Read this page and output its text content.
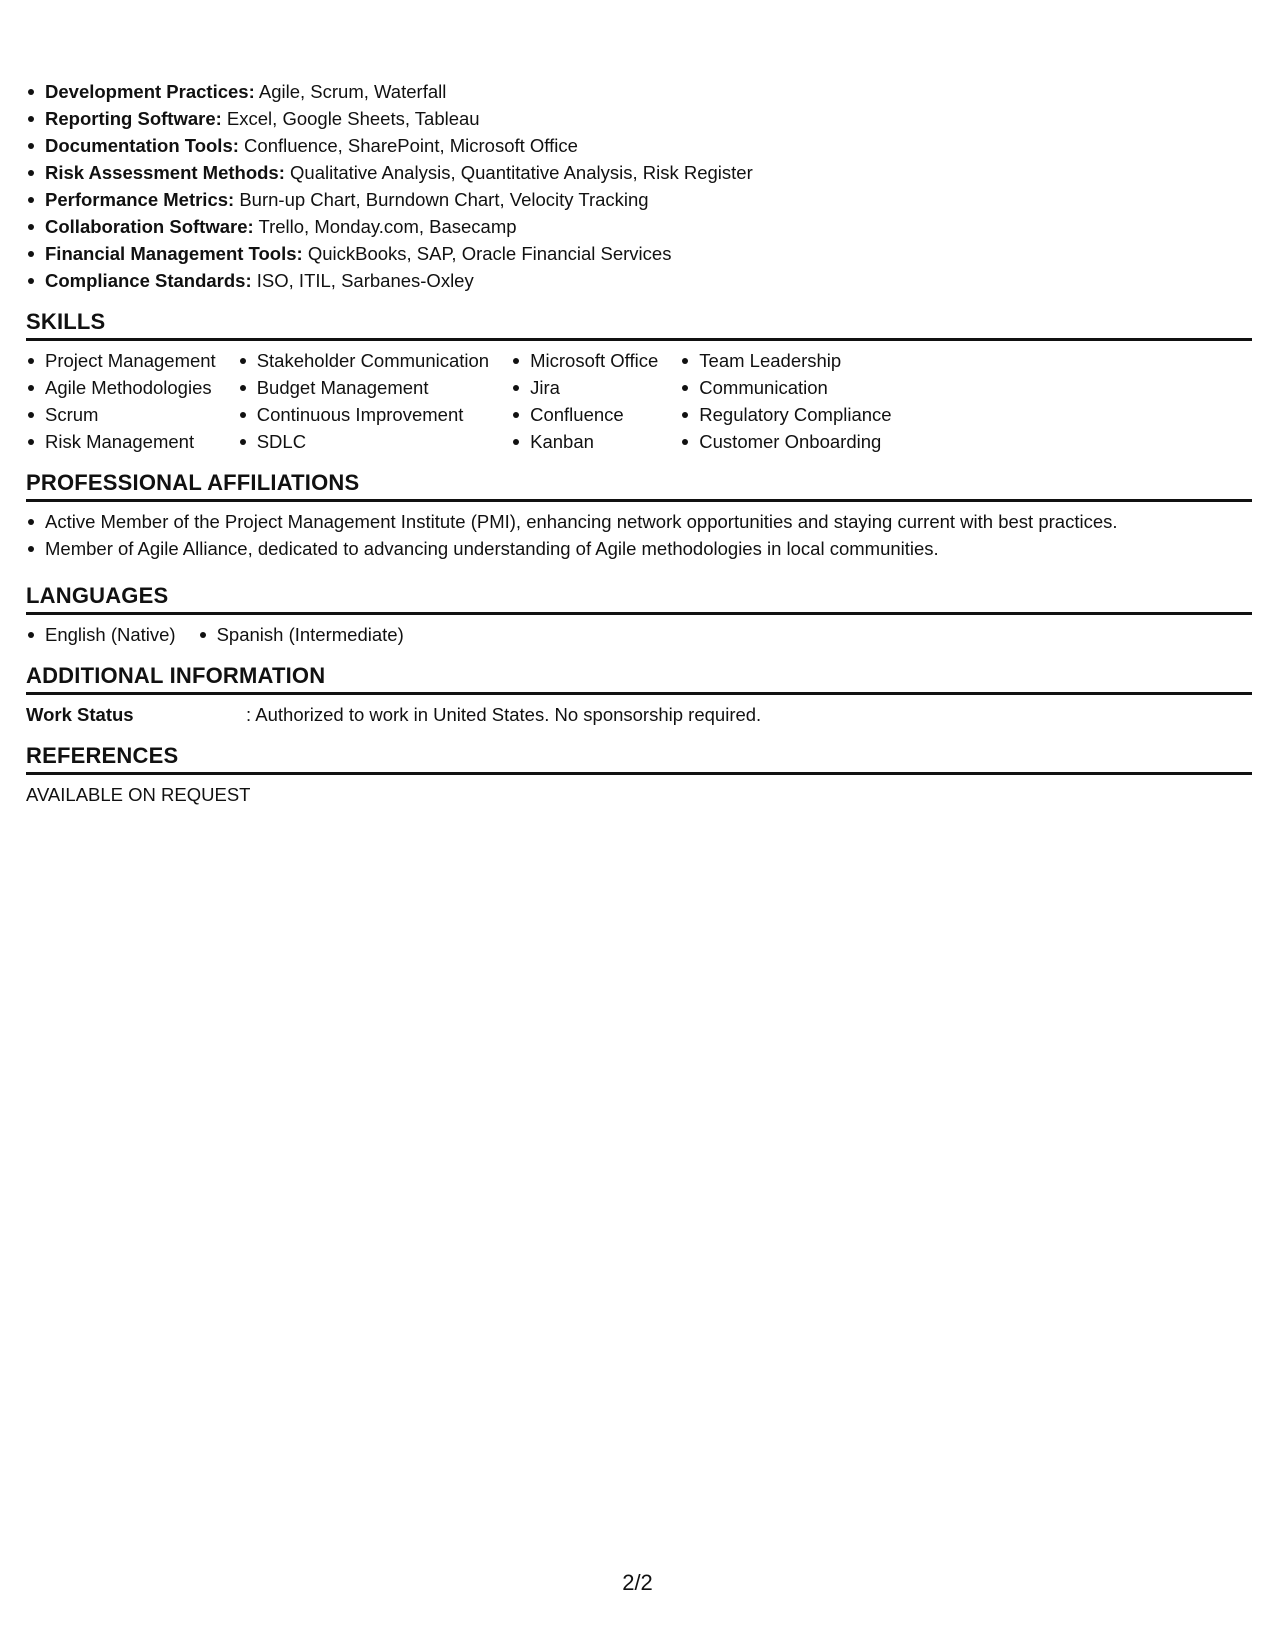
Development Practices: Agile, Scrum, Waterfall
Reporting Software: Excel, Google Sheets, Tableau
Documentation Tools: Confluence, SharePoint, Microsoft Office
Risk Assessment Methods: Qualitative Analysis, Quantitative Analysis, Risk Register
Performance Metrics: Burn-up Chart, Burndown Chart, Velocity Tracking
Collaboration Software: Trello, Monday.com, Basecamp
Financial Management Tools: QuickBooks, SAP, Oracle Financial Services
Compliance Standards: ISO, ITIL, Sarbanes-Oxley
SKILLS
Project Management
Agile Methodologies
Scrum
Risk Management
Stakeholder Communication
Budget Management
Continuous Improvement
SDLC
Microsoft Office
Jira
Confluence
Kanban
Team Leadership
Communication
Regulatory Compliance
Customer Onboarding
PROFESSIONAL AFFILIATIONS
Active Member of the Project Management Institute (PMI), enhancing network opportunities and staying current with best practices.
Member of Agile Alliance, dedicated to advancing understanding of Agile methodologies in local communities.
LANGUAGES
English (Native)	Spanish (Intermediate)
ADDITIONAL INFORMATION
Work Status	: Authorized to work in United States. No sponsorship required.
REFERENCES
AVAILABLE ON REQUEST
2/2
